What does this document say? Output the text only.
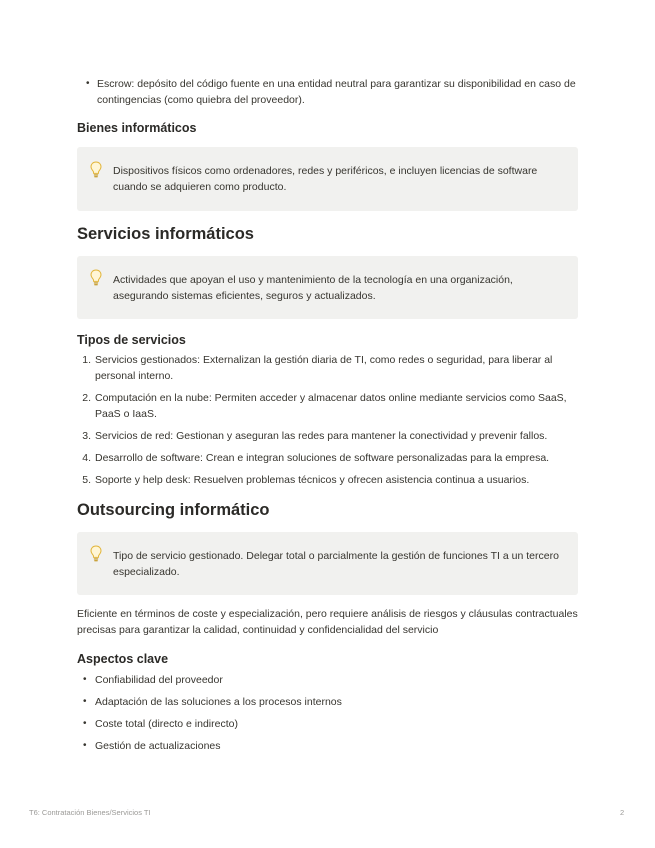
• Escrow: depósito del código fuente en una entidad neutral para garantizar su disponibilidad en caso de contingencias (como quiebra del proveedor).
Bienes informáticos
Dispositivos físicos como ordenadores, redes y periféricos, e incluyen licencias de software cuando se adquieren como producto.
Servicios informáticos
Actividades que apoyan el uso y mantenimiento de la tecnología en una organización, asegurando sistemas eficientes, seguros y actualizados.
Tipos de servicios
1. Servicios gestionados: Externalizan la gestión diaria de TI, como redes o seguridad, para liberar al personal interno.
2. Computación en la nube: Permiten acceder y almacenar datos online mediante servicios como SaaS, PaaS o IaaS.
3. Servicios de red: Gestionan y aseguran las redes para mantener la conectividad y prevenir fallos.
4. Desarrollo de software: Crean e integran soluciones de software personalizadas para la empresa.
5. Soporte y help desk: Resuelven problemas técnicos y ofrecen asistencia continua a usuarios.
Outsourcing informático
Tipo de servicio gestionado. Delegar total o parcialmente la gestión de funciones TI a un tercero especializado.

Eficiente en términos de coste y especialización, pero requiere análisis de riesgos y cláusulas contractuales precisas para garantizar la calidad, continuidad y confidencialidad del servicio

Aspectos clave
• Confiabilidad del proveedor
• Adaptación de las soluciones a los procesos internos
• Coste total (directo e indirecto)
• Gestión de actualizaciones
T6: Contratación Bienes/Servicios TI	2
